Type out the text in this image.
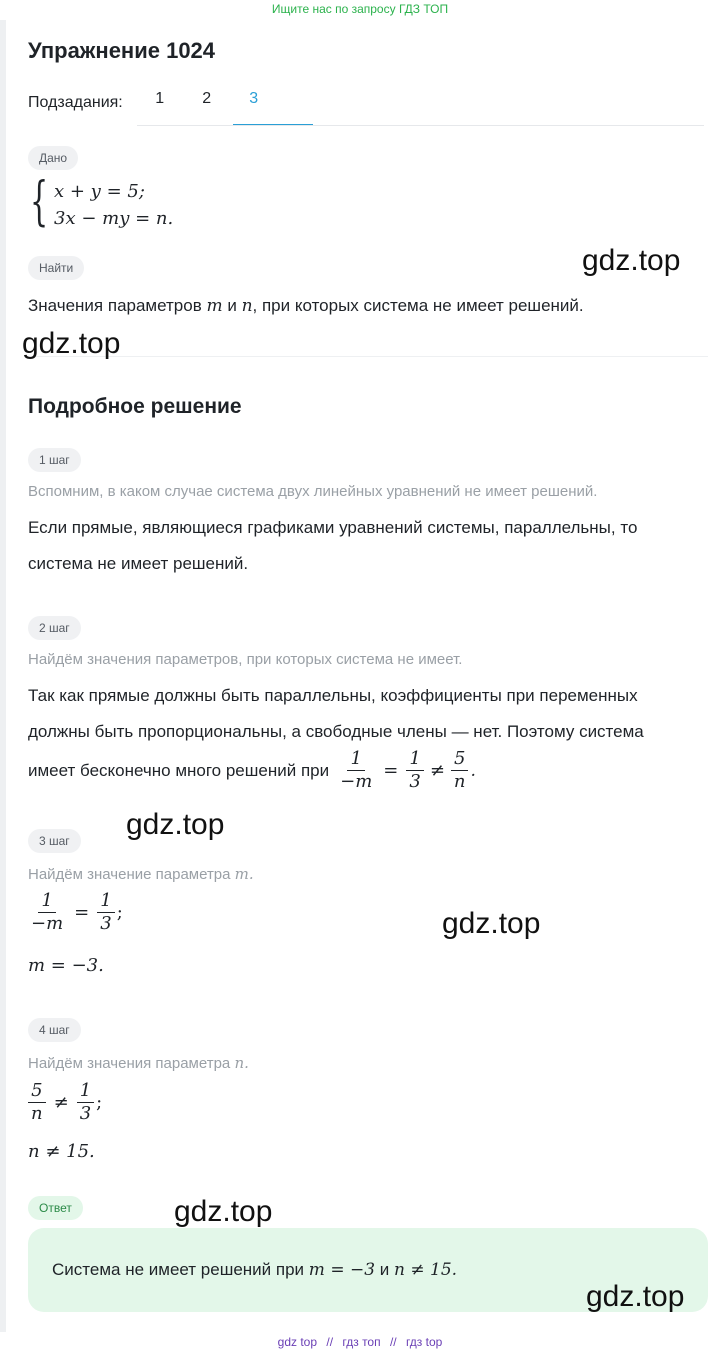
Ищите нас по запросу ГДЗ ТОП
Упражнение 1024
Подзадания:	1	2	3
Дано
{ x + y = 5;
3x − my = n.
Найти
Значения параметров m и n, при которых система не имеет решений.
Подробное решение
1 шаг
Вспомним, в каком случае система двух линейных уравнений не имеет решений.
Если прямые, являющиеся графиками уравнений системы, параллельны, то
система не имеет решений.
2 шаг
Найдём значения параметров, при которых система не имеет.
Так как прямые должны быть параллельны, коэффициенты при переменных
должны быть пропорциональны, а свободные члены — нет. Поэтому система
имеет бесконечно много решений при $\frac{1}{-m} = \frac{1}{3} \ne \frac{5}{n}$ .
3 шаг
Найдём значение параметра m.
$\frac{1}{-m} = \frac{1}{3}$ ;
m = −3.
4 шаг
Найдём значения параметра n.
$\frac{5}{n} \ne \frac{1}{3}$ ;
n ≠ 15.
Ответ
Система не имеет решений при m = −3 и n ≠ 15.
gdz.top
gdz.top
gdz.top
gdz.top
gdz.top
gdz.top
gdz top // гдз топ // гдз top
